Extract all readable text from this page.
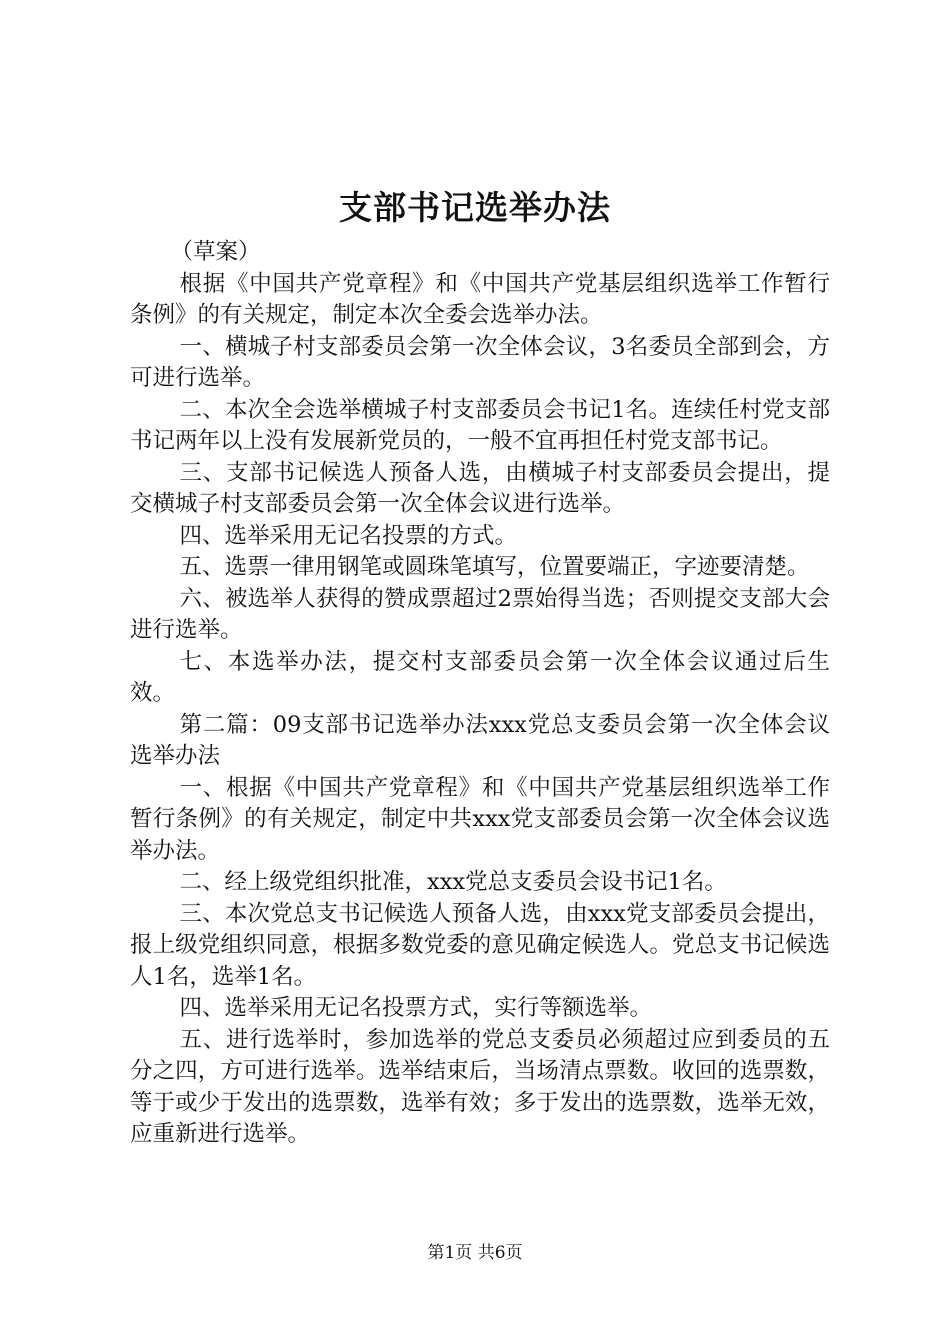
支部书记选举办法

（草案）

根据《中国共产党章程》和《中国共产党基层组织选举工作暂行条例》的有关规定，制定本次全委会选举办法。

一、横城子村支部委员会第一次全体会议，3名委员全部到会，方可进行选举。

二、本次全会选举横城子村支部委员会书记1名。连续任村党支部书记两年以上没有发展新党员的，一般不宜再担任村党支部书记。

三、支部书记候选人预备人选，由横城子村支部委员会提出，提交横城子村支部委员会第一次全体会议进行选举。

四、选举采用无记名投票的方式。

五、选票一律用钢笔或圆珠笔填写，位置要端正，字迹要清楚。

六、被选举人获得的赞成票超过2票始得当选；否则提交支部大会进行选举。

七、本选举办法，提交村支部委员会第一次全体会议通过后生效。

第二篇：09支部书记选举办法xxx党总支委员会第一次全体会议选举办法

一、根据《中国共产党章程》和《中国共产党基层组织选举工作暂行条例》的有关规定，制定中共xxx党支部委员会第一次全体会议选举办法。

二、经上级党组织批准，xxx党总支委员会设书记1名。

三、本次党总支书记候选人预备人选，由xxx党支部委员会提出，报上级党组织同意，根据多数党委的意见确定候选人。党总支书记候选人1名，选举1名。

四、选举采用无记名投票方式，实行等额选举。

五、进行选举时，参加选举的党总支委员必须超过应到委员的五分之四，方可进行选举。选举结束后，当场清点票数。收回的选票数，等于或少于发出的选票数，选举有效；多于发出的选票数，选举无效，应重新进行选举。

第1页 共6页
